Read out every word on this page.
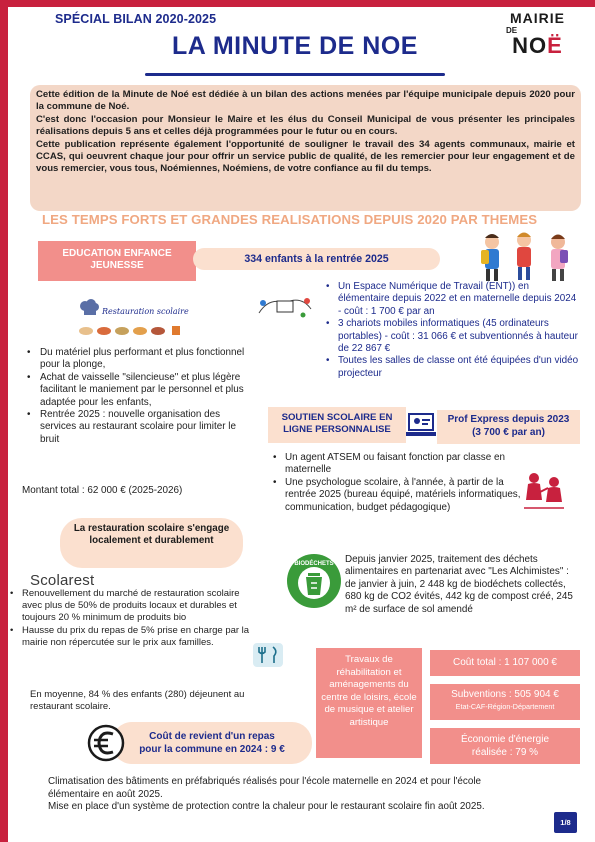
SPÉCIAL BILAN 2020-2025
LA MINUTE DE NOE
MAIRIE
DE
NOË

Cette édition de la Minute de Noé est dédiée à un bilan des actions menées par l'équipe municipale depuis 2020 pour la commune de Noé.

C'est donc l'occasion pour Monsieur le Maire et les élus du Conseil Municipal de vous présenter les principales réalisations depuis 5 ans et celles déjà programmées pour le futur ou en cours.

Cette publication représente également l'opportunité de souligner le travail des 34 agents communaux, mairie et CCAS, qui oeuvrent chaque jour pour offrir un service public de qualité, de les remercier pour leur engagement et de vous remercier, vous tous, Noémiennes, Noémiens, de votre confiance au fil du temps.

LES TEMPS FORTS ET GRANDES REALISATIONS DEPUIS 2020 PAR THEMES
EDUCATION ENFANCE JEUNESSE
334 enfants à la rentrée 2025
Restauration scolaire
• Du matériel plus performant et plus fonctionnel pour la plonge,
• Achat de vaisselle "silencieuse" et plus légère facilitant le maniement par le personnel et plus adaptée pour les enfants,
• Rentrée 2025 : nouvelle organisation des services au restaurant scolaire pour limiter le bruit
Montant total : 62 000 € (2025-2026)
• Un Espace Numérique de Travail (ENT)) en élémentaire depuis 2022 et en maternelle depuis 2024 - coût : 1 700 € par an
• 3 chariots mobiles informatiques (45 ordinateurs portables) - coût : 31 066 € et subventionnés à hauteur de 22 867 €
• Toutes les salles de classe ont été équipées d'un vidéo projecteur
SOUTIEN SCOLAIRE EN LIGNE PERSONNALISE
Prof Express depuis 2023
(3 700 € par an)
• Un agent ATSEM ou faisant fonction par classe en maternelle
• Une psychologue scolaire, à l'année, à partir de la rentrée 2025 (bureau équipé, matériels informatiques, communication, budget pédagogique)
La restauration scolaire s'engage localement et durablement
Scolarest
• Renouvellement du marché de restauration scolaire avec plus de 50% de produits locaux et durables et toujours 20 % minimum de produits bio
• Hausse du prix du repas de 5% prise en charge par la mairie non répercutée sur le prix aux familles.
En moyenne, 84 % des enfants (280) déjeunent au restaurant scolaire.
Coût de revient d'un repas
pour la commune en 2024 : 9 €
BIODÉCHETS Depuis janvier 2025, traitement des déchets alimentaires en partenariat avec "Les Alchimistes" : de janvier à juin, 2 448 kg de biodéchets collectés, 680 kg de CO2 évités, 442 kg de compost créé, 245 m² de surface de sol amendé
Travaux de réhabilitation et aménagements du centre de loisirs, école de musique et atelier artistique
Coût total : 1 107 000 €
Subventions : 505 904 €
Etat-CAF-Région-Département
Économie d'énergie
réalisée : 79 %
Climatisation des bâtiments en préfabriqués réalisés pour l'école maternelle en 2024 et pour l'école élémentaire en août 2025.
Mise en place d'un système de protection contre la chaleur pour le restaurant scolaire fin août 2025.
1/8
